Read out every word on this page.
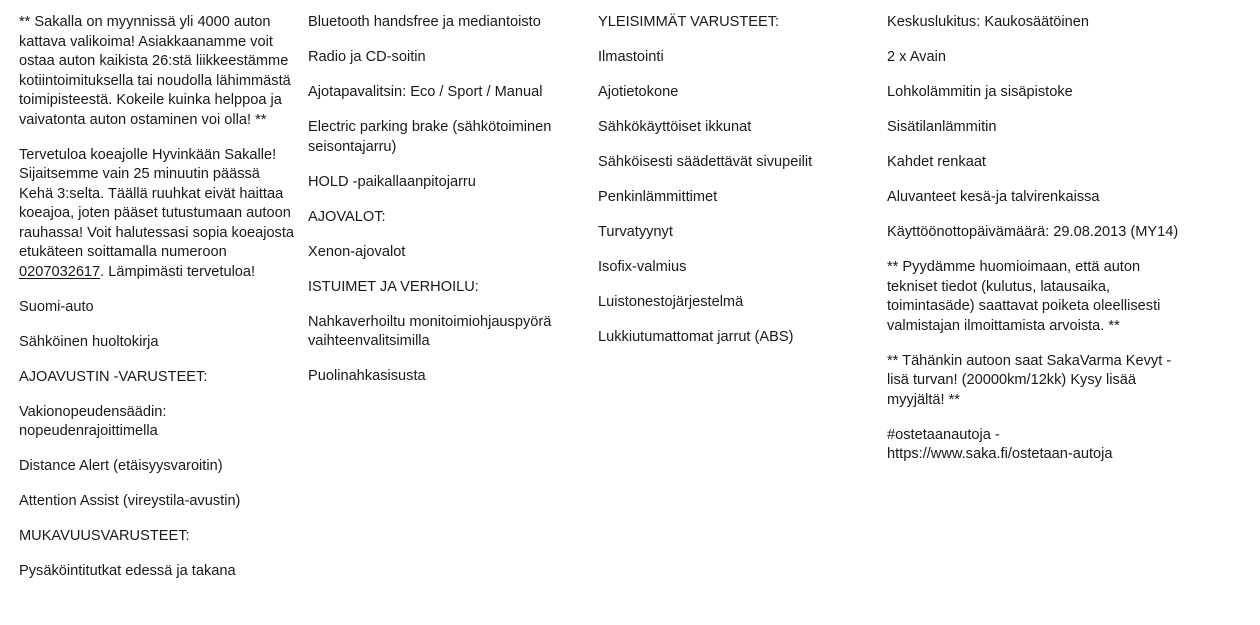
** Sakalla on myynnissä yli 4000 auton kattava valikoima! Asiakkaanamme voit ostaa auton kaikista 26:stä liikkeestämme kotiintoimituksella tai noudolla lähimmästä toimipisteestä. Kokeile kuinka helppoa ja vaivatonta auton ostaminen voi olla! **

Tervetuloa koeajolle Hyvinkään Sakalle! Sijaitsemme vain 25 minuutin päässä Kehä 3:selta. Täällä ruuhkat eivät haittaa koeajoa, joten pääset tutustumaan autoon rauhassa! Voit halutessasi sopia koeajosta etukäteen soittamalla numeroon 0207032617. Lämpimästi tervetuloa!

Suomi-auto

Sähköinen huoltokirja

AJOAVUSTIN -VARUSTEET:

Vakionopeudensäädin: nopeudenrajoittimella

Distance Alert (etäisyysvaroitin)

Attention Assist (vireystila-avustin)

MUKAVUUSVARUSTEET:

Pysäköintitutkat edessä ja takana

Bluetooth handsfree ja mediantoisto

Radio ja CD-soitin

Ajotapavalitsin: Eco / Sport / Manual

Electric parking brake (sähkötoiminen seisontajarru)

HOLD -paikallaanpitojarru

AJOVALOT:

Xenon-ajovalot

ISTUIMET JA VERHOILU:

Nahkaverhoiltu monitoimiohjauspyörä vaihteenvalitsimilla

Puolinahkasisusta

YLEISIMMÄT VARUSTEET:

Ilmastointi

Ajotietokone

Sähkökäyttöiset ikkunat

Sähköisesti säädettävät sivupeilit

Penkinlämmittimet

Turvatyynyt

Isofix-valmius

Luistonestojärjestelmä

Lukkiutumattomat jarrut (ABS)

Keskuslukitus: Kaukosäätöinen

2 x Avain

Lohkolämmitin ja sisäpistoke

Sisätilanlämmitin

Kahdet renkaat

Aluvanteet kesä-ja talvirenkaissa

Käyttöönottopäivämäärä: 29.08.2013 (MY14)

** Pyydämme huomioimaan, että auton tekniset tiedot (kulutus, latausaika, toimintasäde) saattavat poiketa oleellisesti valmistajan ilmoittamista arvoista. **

** Tähänkin autoon saat SakaVarma Kevyt -lisä turvan! (20000km/12kk) Kysy lisää myyjältä! **

#ostetaanautoja - https://www.saka.fi/ostetaan-autoja
